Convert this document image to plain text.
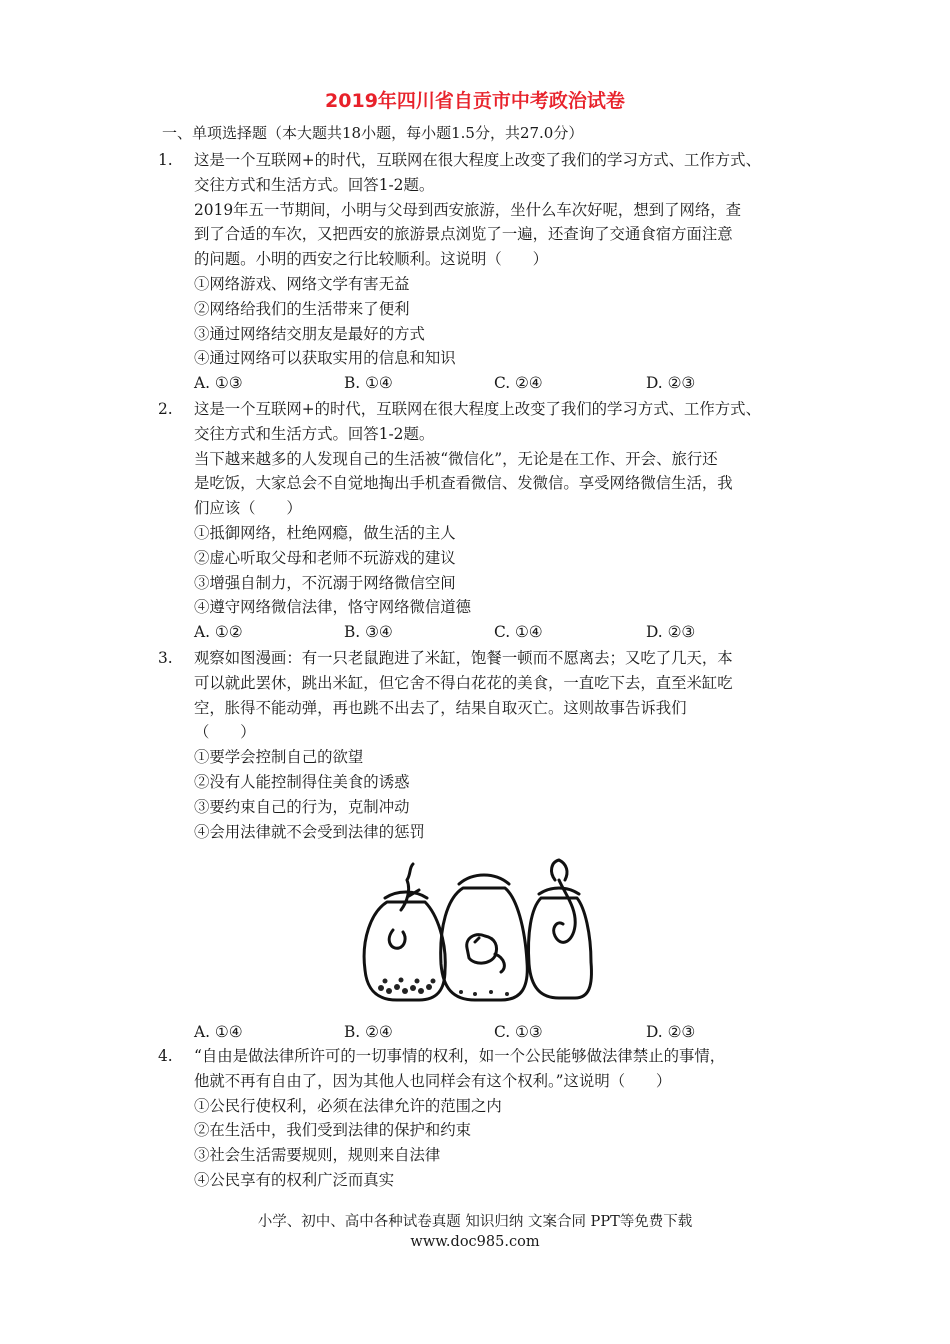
2019年四川省自贡市中考政治试卷
一、单项选择题（本大题共18小题，每小题1.5分，共27.0分）
1. 这是一个互联网+的时代，互联网在很大程度上改变了我们的学习方式、工作方式、
交往方式和生活方式。回答1-2题。
2019年五一节期间，小明与父母到西安旅游，坐什么车次好呢，想到了网络，查
到了合适的车次，又把西安的旅游景点浏览了一遍，还查询了交通食宿方面注意
的问题。小明的西安之行比较顺利。这说明（　　）
①网络游戏、网络文学有害无益
②网络给我们的生活带来了便利
③通过网络结交朋友是最好的方式
④通过网络可以获取实用的信息和知识
A. ①③	B. ①④	C. ②④	D. ②③
2. 这是一个互联网+的时代，互联网在很大程度上改变了我们的学习方式、工作方式、
交往方式和生活方式。回答1-2题。
当下越来越多的人发现自己的生活被“微信化”，无论是在工作、开会、旅行还
是吃饭，大家总会不自觉地掏出手机查看微信、发微信。享受网络微信生活，我
们应该（　　）
①抵御网络，杜绝网瘾，做生活的主人
②虚心听取父母和老师不玩游戏的建议
③增强自制力，不沉溺于网络微信空间
④遵守网络微信法律，恪守网络微信道德
A. ①②	B. ③④	C. ①④	D. ②③
3. 观察如图漫画：有一只老鼠跑进了米缸，饱餐一顿而不愿离去；又吃了几天，本
可以就此罢休，跳出米缸，但它舍不得白花花的美食，一直吃下去，直至米缸吃
空，胀得不能动弹，再也跳不出去了，结果自取灭亡。这则故事告诉我们
（　　）
①要学会控制自己的欲望
②没有人能控制得住美食的诱惑
③要约束自己的行为，克制冲动
④会用法律就不会受到法律的惩罚
A. ①④	B. ②④	C. ①③	D. ②③
4. “自由是做法律所许可的一切事情的权利，如一个公民能够做法律禁止的事情，
他就不再有自由了，因为其他人也同样会有这个权利。”这说明（　　）
①公民行使权利，必须在法律允许的范围之内
②在生活中，我们受到法律的保护和约束
③社会生活需要规则，规则来自法律
④公民享有的权利广泛而真实
小学、初中、高中各种试卷真题 知识归纳 文案合同 PPT等免费下载
www.doc985.com
